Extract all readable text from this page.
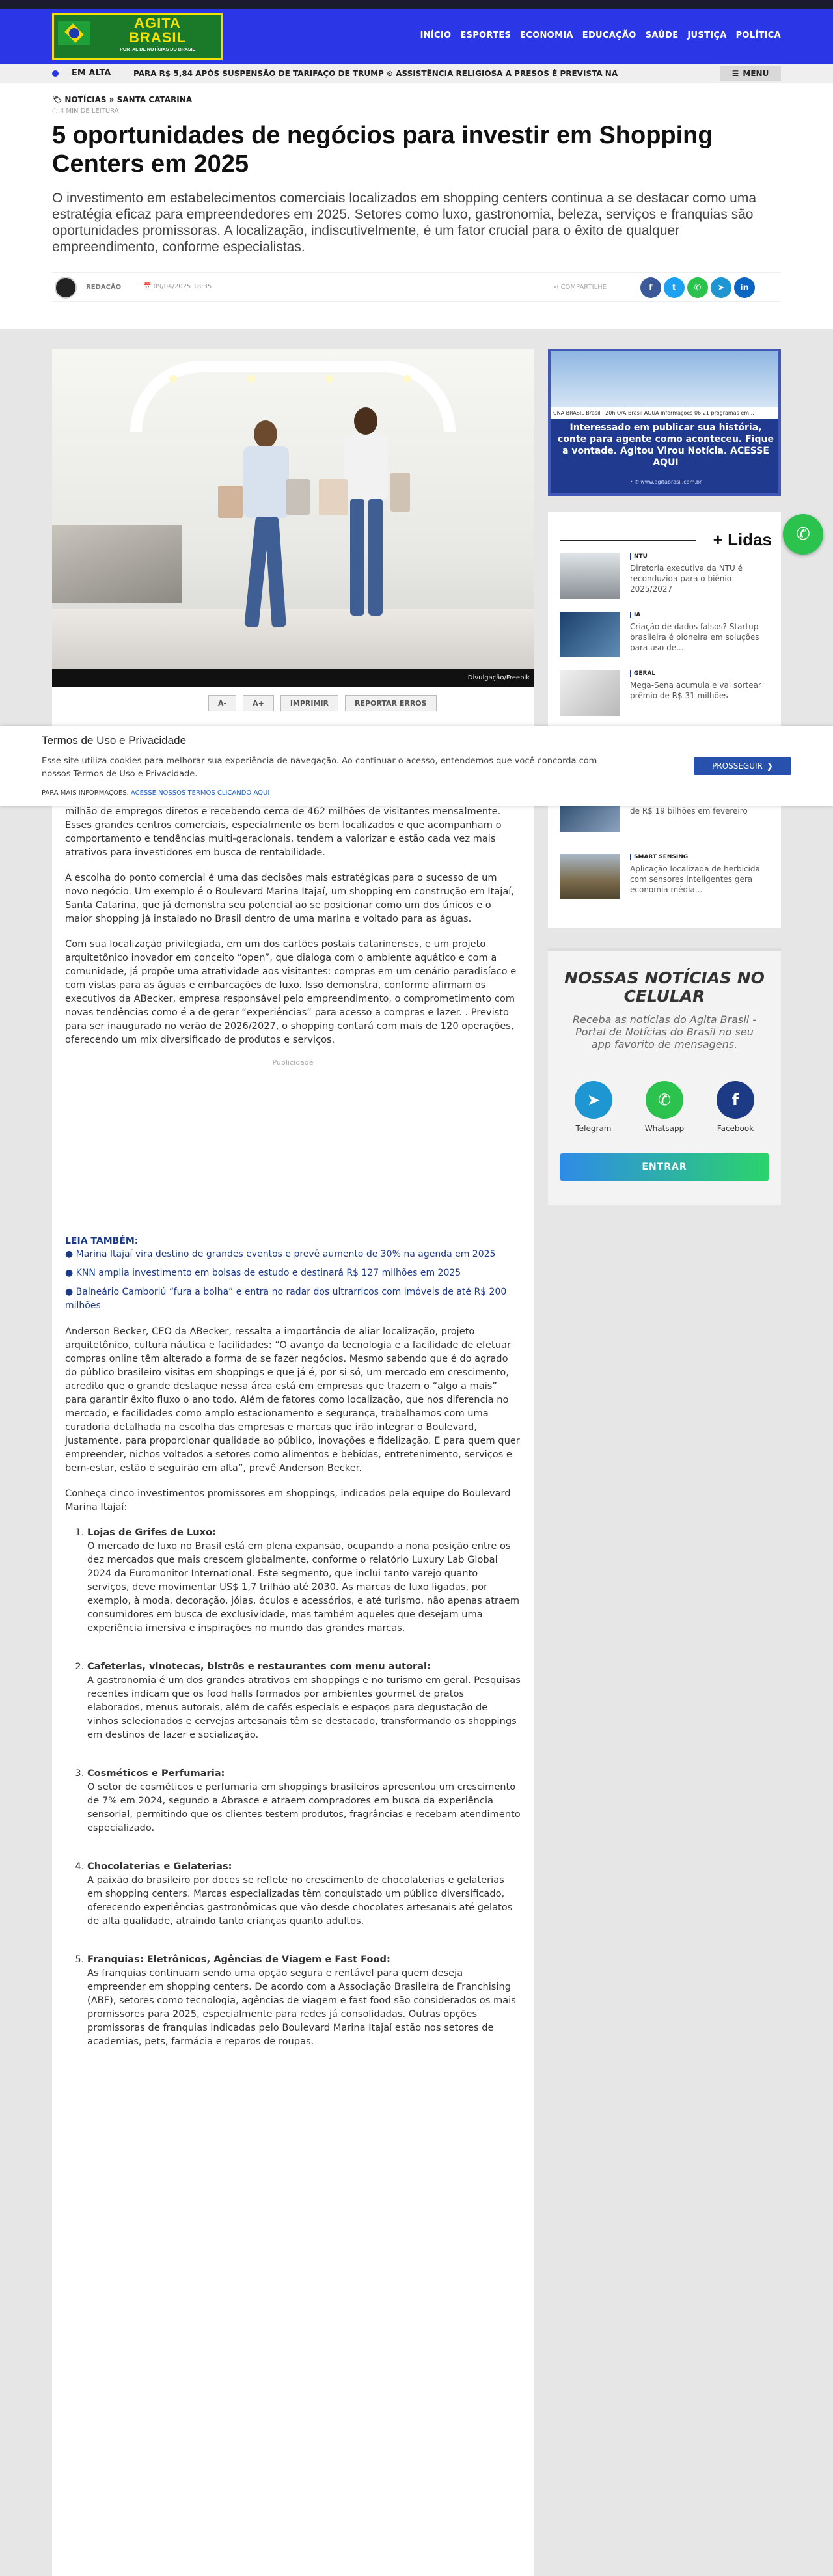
AGITA
BRASIL
PORTAL DE NOTÍCIAS DO BRASIL
INÍCIO ESPORTES ECONOMIA EDUCAÇÃO SAÚDE JUSTIÇA POLÍTICA
EM ALTA	PARA R$ 5,84 APÓS SUSPENSÃO DE TARIFAÇO DE TRUMP ⊙ ASSISTÊNCIA RELIGIOSA A PRESOS É PREVISTA NA	☰ MENU
🏷 NOTÍCIAS » SANTA CATARINA
◷ 4 MIN DE LEITURA
5 oportunidades de negócios para investir em Shopping Centers em 2025

O investimento em estabelecimentos comerciais localizados em shopping centers continua a se destacar como uma estratégia eficaz para empreendedores em 2025. Setores como luxo, gastronomia, beleza, serviços e franquias são oportunidades promissoras. A localização, indiscutivelmente, é um fator crucial para o êxito de qualquer empreendimento, conforme especialistas.

REDAÇÃO	📅 09/04/2025 18:35	⋖ COMPARTILHE	f	t	✆	➤	in
Divulgação/Freepik
A-	A+	IMPRIMIR	REPORTAR ERROS

milhão de empregos diretos e recebendo cerca de 462 milhões de visitantes mensalmente. Esses grandes centros comerciais, especialmente os bem localizados e que acompanham o comportamento e tendências multi-geracionais, tendem a valorizar e estão cada vez mais atrativos para investidores em busca de rentabilidade.

A escolha do ponto comercial é uma das decisões mais estratégicas para o sucesso de um novo negócio. Um exemplo é o Boulevard Marina Itajaí, um shopping em construção em Itajaí, Santa Catarina, que já demonstra seu potencial ao se posicionar como um dos únicos e o maior shopping já instalado no Brasil dentro de uma marina e voltado para as águas.

Com sua localização privilegiada, em um dos cartões postais catarinenses, e um projeto arquitetônico inovador em conceito “open”, que dialoga com o ambiente aquático e com a comunidade, já propõe uma atratividade aos visitantes: compras em um cenário paradisíaco e com vistas para as águas e embarcações de luxo. Isso demonstra, conforme afirmam os executivos da ABecker, empresa responsável pelo empreendimento, o comprometimento com novas tendências como é a de gerar “experiências” para acesso a compras e lazer. . Previsto para ser inaugurado no verão de 2026/2027, o shopping contará com mais de 120 operações, oferecendo um mix diversificado de produtos e serviços.

Publicidade
LEIA TAMBÉM:
● Marina Itajaí vira destino de grandes eventos e prevê aumento de 30% na agenda em 2025
● KNN amplia investimento em bolsas de estudo e destinará R$ 127 milhões em 2025
● Balneário Camboriú “fura a bolha” e entra no radar dos ultrarricos com imóveis de até R$ 200 milhões

Anderson Becker, CEO da ABecker, ressalta a importância de aliar localização, projeto arquitetônico, cultura náutica e facilidades: “O avanço da tecnologia e a facilidade de efetuar compras online têm alterado a forma de se fazer negócios. Mesmo sabendo que é do agrado do público brasileiro visitas em shoppings e que já é, por si só, um mercado em crescimento, acredito que o grande destaque nessa área está em empresas que trazem o “algo a mais” para garantir êxito fluxo o ano todo. Além de fatores como localização, que nos diferencia no mercado, e facilidades como amplo estacionamento e segurança, trabalhamos com uma curadoria detalhada na escolha das empresas e marcas que irão integrar o Boulevard, justamente, para proporcionar qualidade ao público, inovações e fidelização. E para quem quer empreender, nichos voltados a setores como alimentos e bebidas, entretenimento, serviços e bem-estar, estão e seguirão em alta”, prevê Anderson Becker.

Conheça cinco investimentos promissores em shoppings, indicados pela equipe do Boulevard Marina Itajaí:

1. Lojas de Grifes de Luxo:
O mercado de luxo no Brasil está em plena expansão, ocupando a nona posição entre os dez mercados que mais crescem globalmente, conforme o relatório Luxury Lab Global 2024 da Euromonitor International. Este segmento, que inclui tanto varejo quanto serviços, deve movimentar US$ 1,7 trilhão até 2030. As marcas de luxo ligadas, por exemplo, à moda, decoração, jóias, óculos e acessórios, e até turismo, não apenas atraem consumidores em busca de exclusividade, mas também aqueles que desejam uma experiência imersiva e inspirações no mundo das grandes marcas.
2. Cafeterias, vinotecas, bistrôs e restaurantes com menu autoral:
A gastronomia é um dos grandes atrativos em shoppings e no turismo em geral. Pesquisas recentes indicam que os food halls formados por ambientes gourmet de pratos elaborados, menus autorais, além de cafés especiais e espaços para degustação de vinhos selecionados e cervejas artesanais têm se destacado, transformando os shoppings em destinos de lazer e socialização.
3. Cosméticos e Perfumaria:
O setor de cosméticos e perfumaria em shoppings brasileiros apresentou um crescimento de 7% em 2024, segundo a Abrasce e atraem compradores em busca da experiência sensorial, permitindo que os clientes testem produtos, fragrâncias e recebam atendimento especializado.
4. Chocolaterias e Gelaterias:
A paixão do brasileiro por doces se reflete no crescimento de chocolaterias e gelaterias em shopping centers. Marcas especializadas têm conquistado um público diversificado, oferecendo experiências gastronômicas que vão desde chocolates artesanais até gelatos de alta qualidade, atraindo tanto crianças quanto adultos.
5. Franquias: Eletrônicos, Agências de Viagem e Fast Food:
As franquias continuam sendo uma opção segura e rentável para quem deseja empreender em shopping centers. De acordo com a Associação Brasileira de Franchising (ABF), setores como tecnologia, agências de viagem e fast food são considerados os mais promissores para 2025, especialmente para redes já consolidadas. Outras opções promissoras de franquias indicadas pelo Boulevard Marina Itajaí estão nos setores de academias, pets, farmácia e reparos de roupas.
CNA BRASIL Brasil · 20h O/A Brasil ÁGUA informações 06:21 programas em...
Interessado em publicar sua história, conte para agente como aconteceu. Fique a vontade. Agitou Virou Notícia. ACESSE AQUI
• ✆ www.agitabrasil.com.br
+ Lidas
NTU
Diretoria executiva da NTU é reconduzida para o biênio 2025/2027
IA
Criação de dados falsos? Startup brasileira é pioneira em soluções para uso de...
GERAL
Mega-Sena acumula e vai sortear prêmio de R$ 31 milhões
de R$ 19 bilhões em fevereiro
SMART SENSING
Aplicação localizada de herbicida com sensores inteligentes gera economia média...
NOSSAS NOTÍCIAS NO CELULAR
Receba as notícias do Agita Brasil - Portal de Notícias do Brasil no seu app favorito de mensagens.
➤
Telegram
✆
Whatsapp
f
Facebook
ENTRAR
✆
Termos de Uso e Privacidade
Esse site utiliza cookies para melhorar sua experiência de navegação. Ao continuar o acesso, entendemos que você concorda com nossos Termos de Uso e Privacidade.
PARA MAIS INFORMAÇÕES, ACESSE NOSSOS TERMOS CLICANDO AQUI
PROSSEGUIR ❯
